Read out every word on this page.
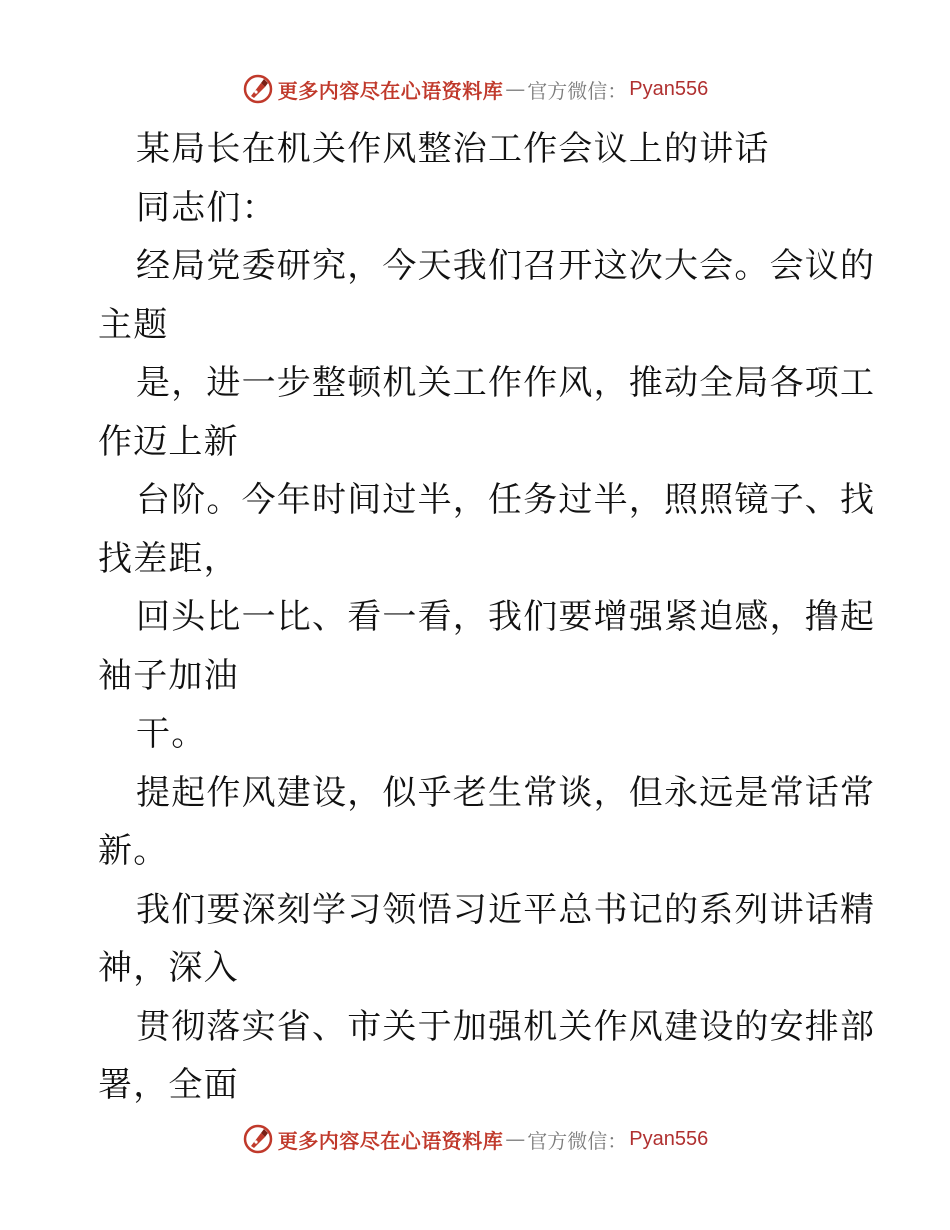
更多内容尽在心语资料库 — 官方微信： Pyan556
某局长在机关作风整治工作会议上的讲话
同志们：
经局党委研究，今天我们召开这次大会。会议的
主题
是，进一步整顿机关工作作风，推动全局各项工
作迈上新
台阶。今年时间过半，任务过半，照照镜子、找
找差距，
回头比一比、看一看，我们要增强紧迫感，撸起
袖子加油
干。
提起作风建设，似乎老生常谈，但永远是常话常
新。
我们要深刻学习领悟习近平总书记的系列讲话精
神，深入
贯彻落实省、市关于加强机关作风建设的安排部
署，全面
更多内容尽在心语资料库 — 官方微信： Pyan556
